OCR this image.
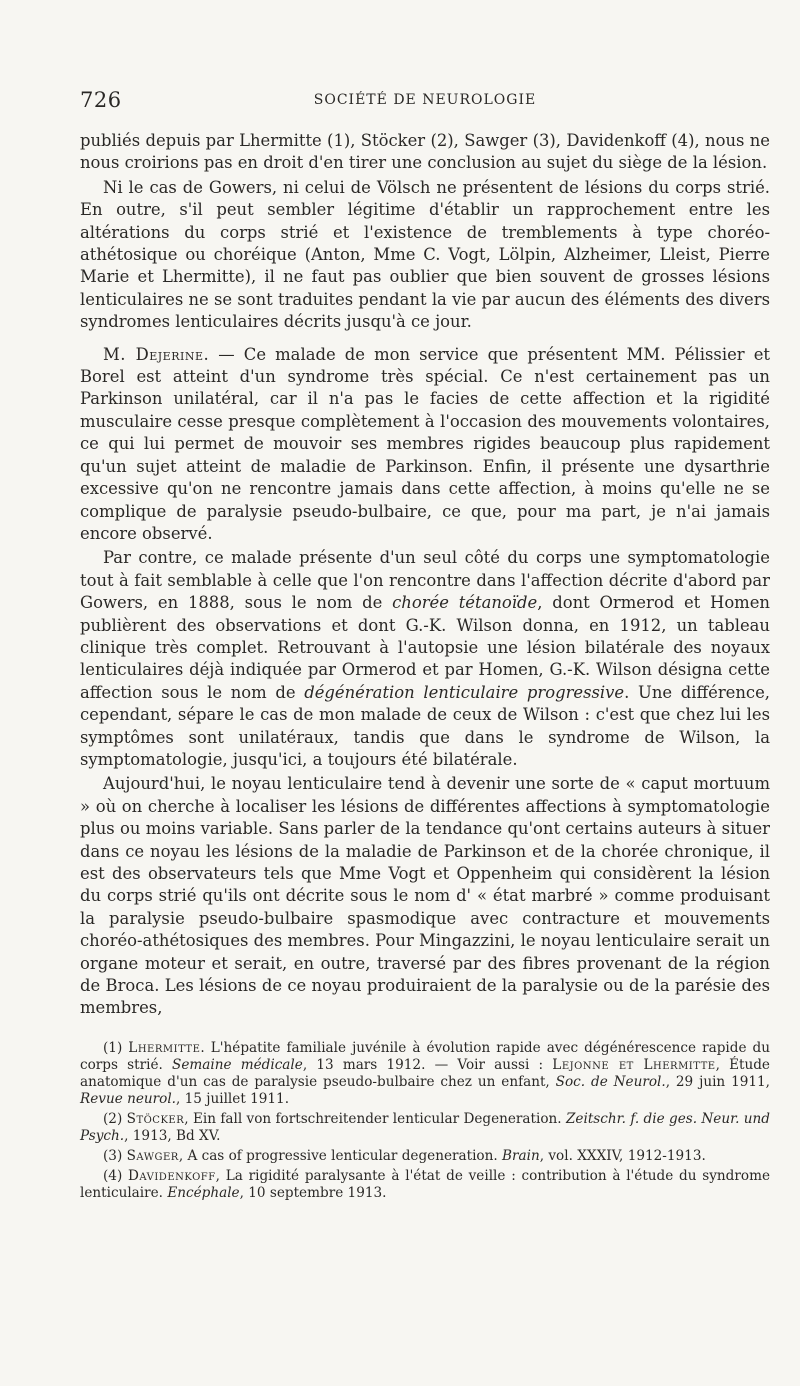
726	SOCIÉTÉ DE NEUROLOGIE

publiés depuis par Lhermitte (1), Stöcker (2), Sawger (3), Davidenkoff (4), nous ne nous croirions pas en droit d'en tirer une conclusion au sujet du siège de la lésion.

Ni le cas de Gowers, ni celui de Völsch ne présentent de lésions du corps strié. En outre, s'il peut sembler légitime d'établir un rapprochement entre les altérations du corps strié et l'existence de tremblements à type choréo-athétosique ou choréique (Anton, Mme C. Vogt, Lölpin, Alzheimer, Lleist, Pierre Marie et Lhermitte), il ne faut pas oublier que bien souvent de grosses lésions lenticulaires ne se sont traduites pendant la vie par aucun des éléments des divers syndromes lenticulaires décrits jusqu'à ce jour.

M. Dejerine. — Ce malade de mon service que présentent MM. Pélissier et Borel est atteint d'un syndrome très spécial. Ce n'est certainement pas un Parkinson unilatéral, car il n'a pas le facies de cette affection et la rigidité musculaire cesse presque complètement à l'occasion des mouvements volontaires, ce qui lui permet de mouvoir ses membres rigides beaucoup plus rapidement qu'un sujet atteint de maladie de Parkinson. Enfin, il présente une dysarthrie excessive qu'on ne rencontre jamais dans cette affection, à moins qu'elle ne se complique de paralysie pseudo-bulbaire, ce que, pour ma part, je n'ai jamais encore observé.

Par contre, ce malade présente d'un seul côté du corps une symptomatologie tout à fait semblable à celle que l'on rencontre dans l'affection décrite d'abord par Gowers, en 1888, sous le nom de chorée tétanoïde, dont Ormerod et Homen publièrent des observations et dont G.-K. Wilson donna, en 1912, un tableau clinique très complet. Retrouvant à l'autopsie une lésion bilatérale des noyaux lenticulaires déjà indiquée par Ormerod et par Homen, G.-K. Wilson désigna cette affection sous le nom de dégénération lenticulaire progressive. Une différence, cependant, sépare le cas de mon malade de ceux de Wilson : c'est que chez lui les symptômes sont unilatéraux, tandis que dans le syndrome de Wilson, la symptomatologie, jusqu'ici, a toujours été bilatérale.

Aujourd'hui, le noyau lenticulaire tend à devenir une sorte de « caput mortuum » où on cherche à localiser les lésions de différentes affections à symptomatologie plus ou moins variable. Sans parler de la tendance qu'ont certains auteurs à situer dans ce noyau les lésions de la maladie de Parkinson et de la chorée chronique, il est des observateurs tels que Mme Vogt et Oppenheim qui considèrent la lésion du corps strié qu'ils ont décrite sous le nom d' « état marbré » comme produisant la paralysie pseudo-bulbaire spasmodique avec contracture et mouvements choréo-athétosiques des membres. Pour Mingazzini, le noyau lenticulaire serait un organe moteur et serait, en outre, traversé par des fibres provenant de la région de Broca. Les lésions de ce noyau produiraient de la paralysie ou de la parésie des membres,

(1) Lhermitte. L'hépatite familiale juvénile à évolution rapide avec dégénérescence rapide du corps strié. Semaine médicale, 13 mars 1912. — Voir aussi : Lejonne et Lhermitte, Étude anatomique d'un cas de paralysie pseudo-bulbaire chez un enfant, Soc. de Neurol., 29 juin 1911, Revue neurol., 15 juillet 1911.

(2) Stöcker, Ein fall von fortschreitender lenticular Degeneration. Zeitschr. f. die ges. Neur. und Psych., 1913, Bd XV.

(3) Sawger, A cas of progressive lenticular degeneration. Brain, vol. XXXIV, 1912-1913.

(4) Davidenkoff, La rigidité paralysante à l'état de veille : contribution à l'étude du syndrome lenticulaire. Encéphale, 10 septembre 1913.
